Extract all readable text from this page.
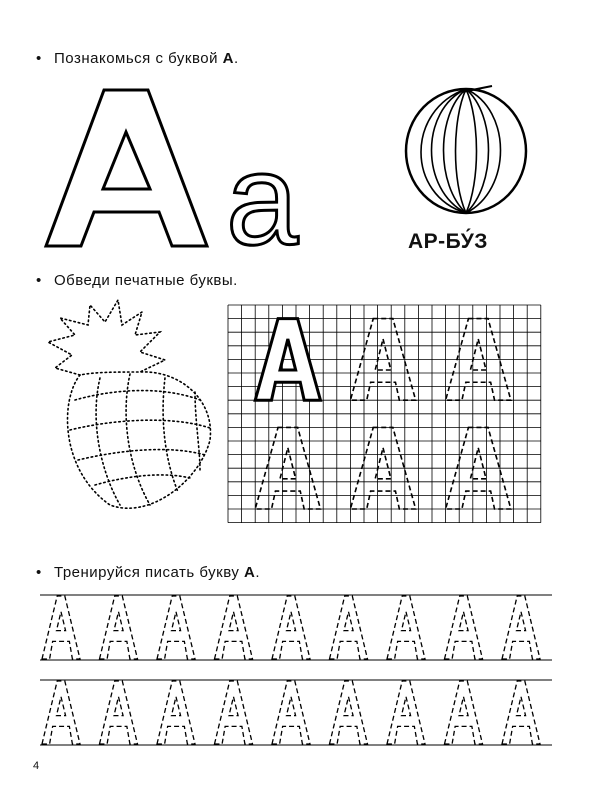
• Познакомься с буквой А.
А
а	АР-БУ́З
• Обведи печатные буквы.
• Тренируйся писать букву А.
4
